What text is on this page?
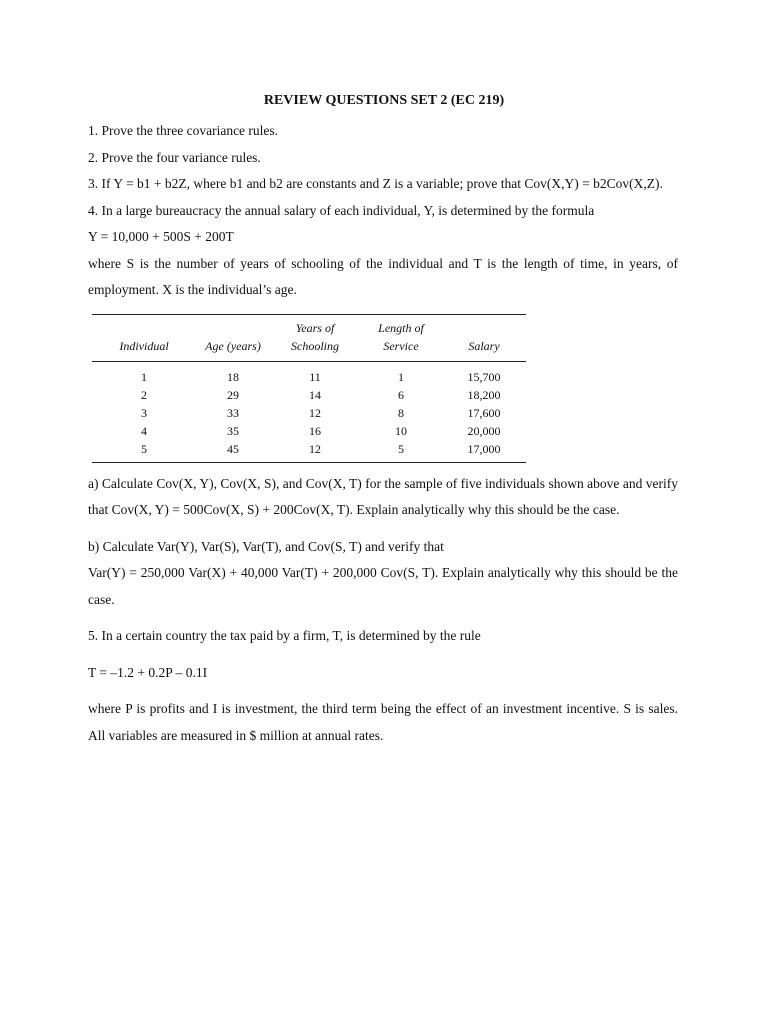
REVIEW QUESTIONS SET 2 (EC 219)

1. Prove the three covariance rules.

2. Prove the four variance rules.

3. If Y = b1 + b2Z, where b1 and b2 are constants and Z is a variable; prove that Cov(X,Y) = b2Cov(X,Z).

4. In a large bureaucracy the annual salary of each individual, Y, is determined by the formula

Y = 10,000 + 500S + 200T

where S is the number of years of schooling of the individual and T is the length of time, in years, of employment. X is the individual’s age.

Individual	Age (years)	Years of Schooling	Length of Service	Salary
1	18	11	1	15,700
2	29	14	6	18,200
3	33	12	8	17,600
4	35	16	10	20,000
5	45	12	5	17,000

a) Calculate Cov(X, Y), Cov(X, S), and Cov(X, T) for the sample of five individuals shown above and verify that Cov(X, Y) = 500Cov(X, S) + 200Cov(X, T). Explain analytically why this should be the case.

b) Calculate Var(Y), Var(S), Var(T), and Cov(S, T) and verify that

Var(Y) = 250,000 Var(X) + 40,000 Var(T) + 200,000 Cov(S, T). Explain analytically why this should be the case.

5. In a certain country the tax paid by a firm, T, is determined by the rule

T = –1.2 + 0.2P – 0.1I

where P is profits and I is investment, the third term being the effect of an investment incentive. S is sales. All variables are measured in $ million at annual rates.
